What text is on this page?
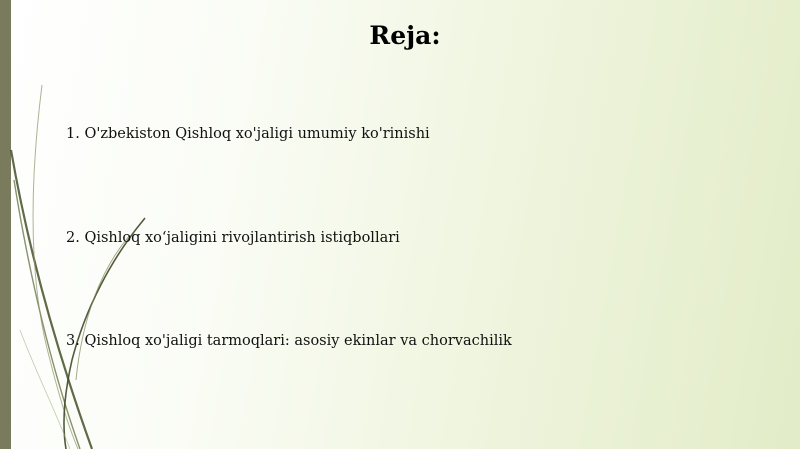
Reja:
1. O'zbekiston Qishloq xo'jaligi umumiy ko'rinishi
2. Qishloq xo‘jaligini rivojlantirish istiqbollari
3. Qishloq xo'jaligi tarmoqlari: asosiy ekinlar va chorvachilik
